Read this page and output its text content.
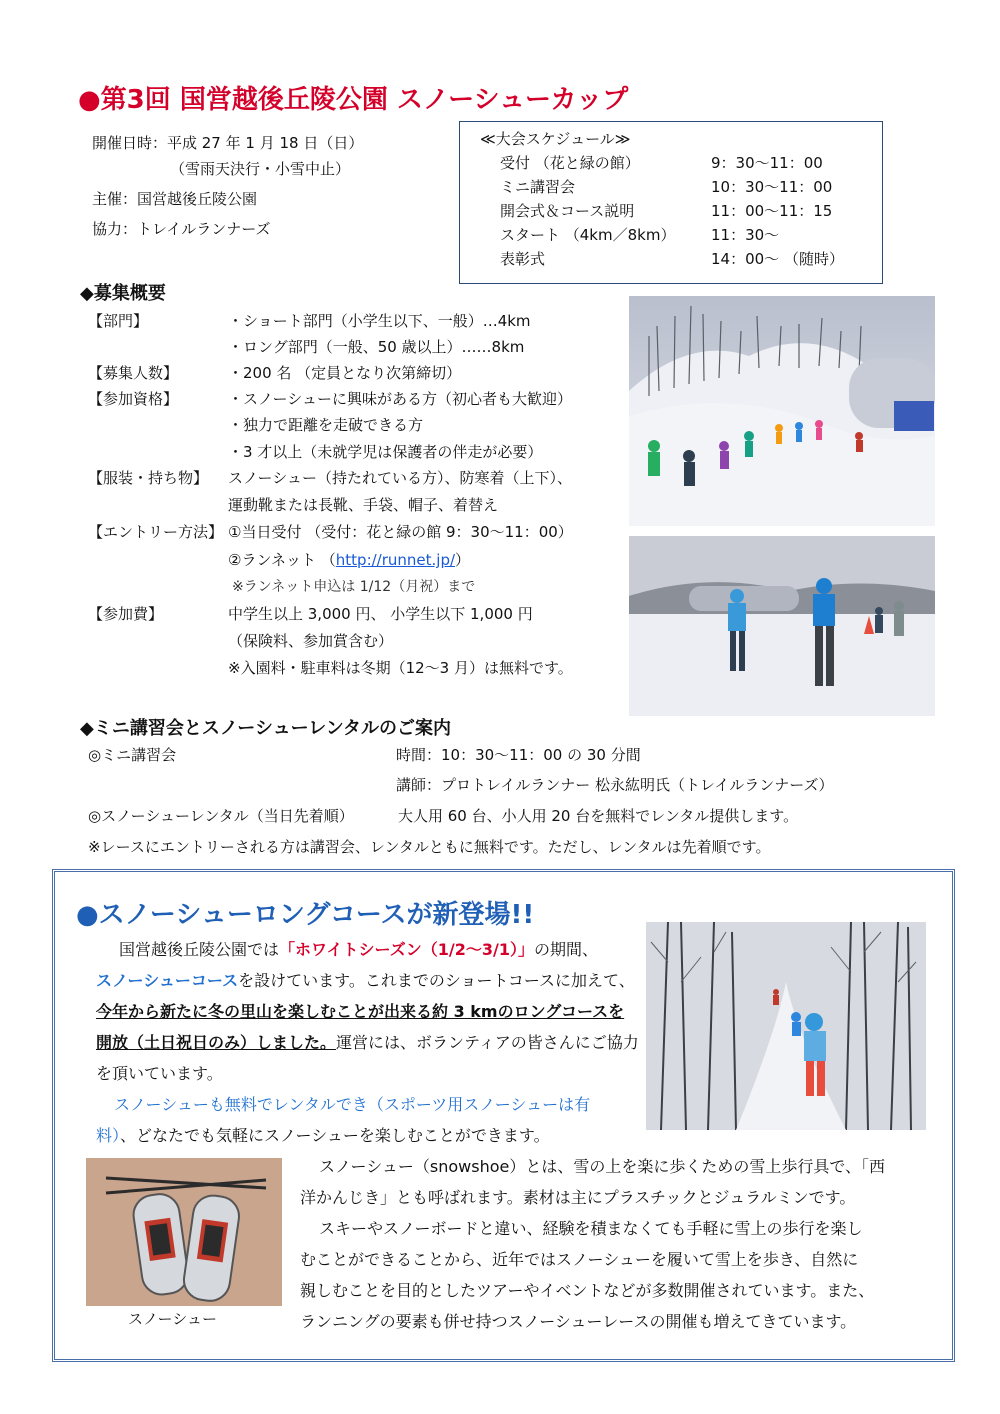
●第3回 国営越後丘陵公園 スノーシューカップ
開催日時：平成 27 年 1 月 18 日（日）
（雪雨天決行・小雪中止）
主催：国営越後丘陵公園
協力：トレイルランナーズ
≪大会スケジュール≫
受付 （花と緑の館）	9：30〜11：00
ミニ講習会	10：30〜11：00
開会式＆コース説明	11：00〜11：15
スタート （4km／8km） 11：30〜
表彰式	14：00〜 （随時）
◆募集概要
【部門】	・ショート部門（小学生以下、一般）…4km
・ロング部門（一般、50 歳以上）……8km
【募集人数】	・200 名 （定員となり次第締切）
【参加資格】	・スノーシューに興味がある方（初心者も大歓迎）
・独力で距離を走破できる方
・3 才以上（未就学児は保護者の伴走が必要）
【服装・持ち物】 スノーシュー（持たれている方）、防寒着（上下）、
運動靴または長靴、手袋、帽子、着替え
【エントリー方法】 ①当日受付 （受付：花と緑の館 9：30〜11：00）
②ランネット （http://runnet.jp/）
※ランネット申込は 1/12（月祝）まで
【参加費】	中学生以上 3,000 円、 小学生以下 1,000 円
（保険料、参加賞含む）
※入園料・駐車料は冬期（12〜3 月）は無料です。
◆ミニ講習会とスノーシューレンタルのご案内
◎ミニ講習会	時間：10：30〜11：00 の 30 分間
講師：プロトレイルランナー 松永紘明氏（トレイルランナーズ）
◎スノーシューレンタル（当日先着順）	大人用 60 台、小人用 20 台を無料でレンタル提供します。
※レースにエントリーされる方は講習会、レンタルともに無料です。ただし、レンタルは先着順です。
●スノーシューロングコースが新登場!!
国営越後丘陵公園では「ホワイトシーズン（1/2〜3/1）」の期間、
スノーシューコースを設けています。これまでのショートコースに加えて、
今年から新たに冬の里山を楽しむことが出来る約 3 kmのロングコースを
開放（土日祝日のみ）しました。運営には、ボランティアの皆さんにご協力
を頂いています。
スノーシューも無料でレンタルでき（スポーツ用スノーシューは有
料）、どなたでも気軽にスノーシューを楽しむことができます。
スノーシュー
スノーシュー（snowshoe）とは、雪の上を楽に歩くための雪上歩行具で、「西
洋かんじき」とも呼ばれます。素材は主にプラスチックとジュラルミンです。
スキーやスノーボードと違い、経験を積まなくても手軽に雪上の歩行を楽し
むことができることから、近年ではスノーシューを履いて雪上を歩き、自然に
親しむことを目的としたツアーやイベントなどが多数開催されています。また、
ランニングの要素も併せ持つスノーシューレースの開催も増えてきています。
